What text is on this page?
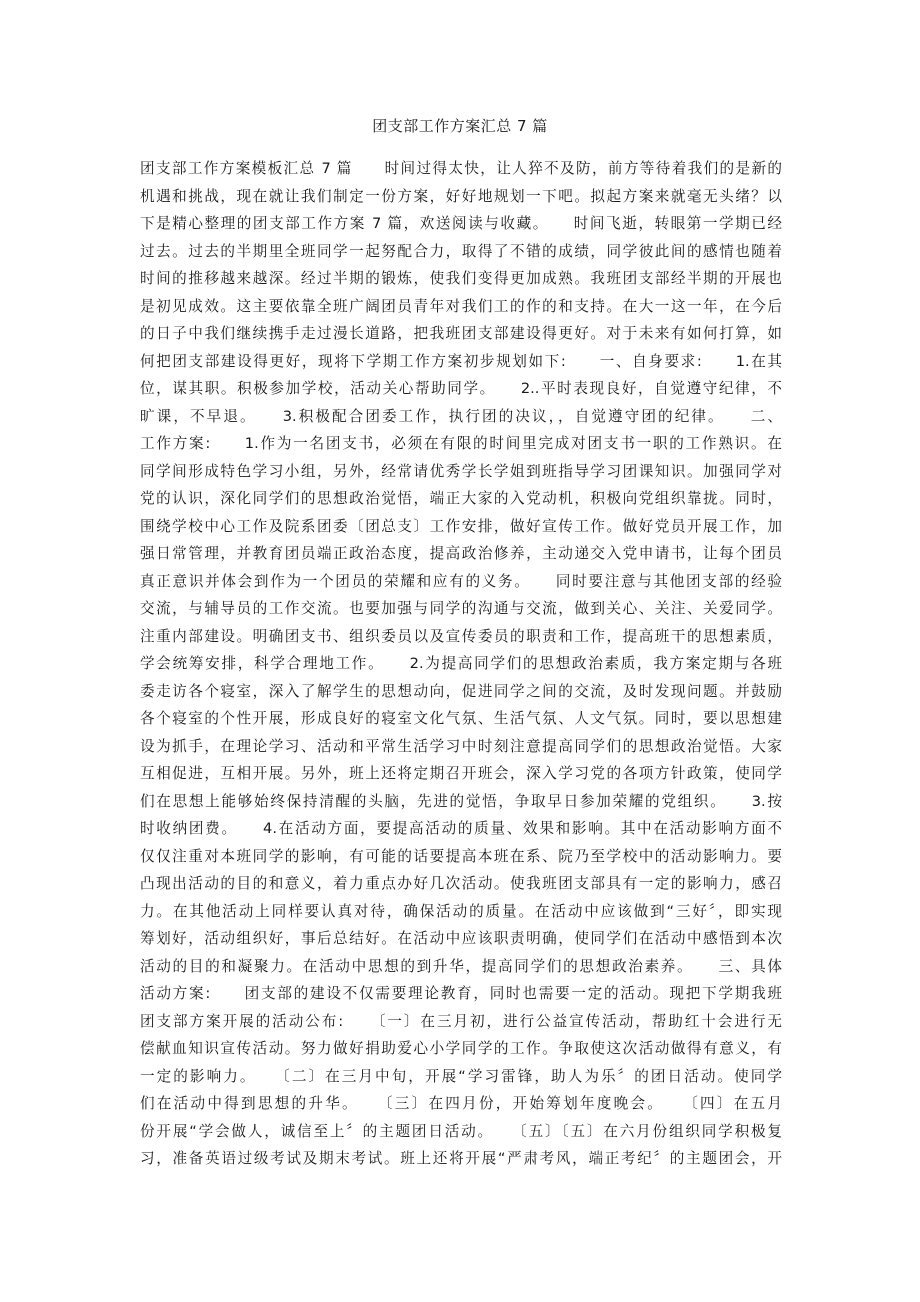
团支部工作方案汇总 7 篇
团支部工作方案模板汇总 7 篇　　时间过得太快，让人猝不及防，前方等待着我们的是新的
机遇和挑战，现在就让我们制定一份方案，好好地规划一下吧。拟起方案来就毫无头绪？以
下是精心整理的团支部工作方案 7 篇，欢送阅读与收藏。　　时间飞逝，转眼第一学期已经
过去。过去的半期里全班同学一起努配合力，取得了不错的成绩，同学彼此间的感情也随着
时间的推移越来越深。经过半期的锻炼，使我们变得更加成熟。我班团支部经半期的开展也
是初见成效。这主要依靠全班广阔团员青年对我们工的作的和支持。在大一这一年，在今后
的日子中我们继续携手走过漫长道路，把我班团支部建设得更好。对于未来有如何打算，如
何把团支部建设得更好，现将下学期工作方案初步规划如下:　　一、自身要求:　　1.在其
位，谋其职。积极参加学校，活动关心帮助同学。　　2..平时表现良好，自觉遵守纪律，不
旷课，不早退。　　3.积极配合团委工作，执行团的决议，，自觉遵守团的纪律。　　二、
工作方案:　　1.作为一名团支书，必须在有限的时间里完成对团支书一职的工作熟识。在
同学间形成特色学习小组，另外，经常请优秀学长学姐到班指导学习团课知识。加强同学对
党的认识，深化同学们的思想政治觉悟，端正大家的入党动机，积极向党组织靠拢。同时，
围绕学校中心工作及院系团委〔团总支〕工作安排，做好宣传工作。做好党员开展工作，加
强日常管理，并教育团员端正政治态度，提高政治修养，主动递交入党申请书，让每个团员
真正意识并体会到作为一个团员的荣耀和应有的义务。　　同时要注意与其他团支部的经验
交流，与辅导员的工作交流。也要加强与同学的沟通与交流，做到关心、关注、关爱同学。
注重内部建设。明确团支书、组织委员以及宣传委员的职责和工作，提高班干的思想素质，
学会统筹安排，科学合理地工作。　　2.为提高同学们的思想政治素质，我方案定期与各班
委走访各个寝室，深入了解学生的思想动向，促进同学之间的交流，及时发现问题。并鼓励
各个寝室的个性开展，形成良好的寝室文化气氛、生活气氛、人文气氛。同时，要以思想建
设为抓手，在理论学习、活动和平常生活学习中时刻注意提高同学们的思想政治觉悟。大家
互相促进，互相开展。另外，班上还将定期召开班会，深入学习党的各项方针政策，使同学
们在思想上能够始终保持清醒的头脑，先进的觉悟，争取早日参加荣耀的党组织。　　3.按
时收纳团费。　　4.在活动方面，要提高活动的质量、效果和影响。其中在活动影响方面不
仅仅注重对本班同学的影响，有可能的话要提高本班在系、院乃至学校中的活动影响力。要
凸现出活动的目的和意义，着力重点办好几次活动。使我班团支部具有一定的影响力，感召
力。在其他活动上同样要认真对待，确保活动的质量。在活动中应该做到“三好〞，即实现
筹划好，活动组织好，事后总结好。在活动中应该职责明确，使同学们在活动中感悟到本次
活动的目的和凝聚力。在活动中思想的到升华，提高同学们的思想政治素养。　　三、具体
活动方案:　　团支部的建设不仅需要理论教育，同时也需要一定的活动。现把下学期我班
团支部方案开展的活动公布:　　〔一〕在三月初，进行公益宣传活动，帮助红十会进行无
偿献血知识宣传活动。努力做好捐助爱心小学同学的工作。争取使这次活动做得有意义，有
一定的影响力。　　〔二〕在三月中旬，开展“学习雷锋，助人为乐〞的团日活动。使同学
们在活动中得到思想的升华。　　〔三〕在四月份，开始筹划年度晚会。　　〔四〕在五月
份开展“学会做人，诚信至上〞的主题团日活动。　　〔五〕〔五〕在六月份组织同学积极复
习，准备英语过级考试及期末考试。班上还将开展“严肃考风，端正考纪〞的主题团会，开
